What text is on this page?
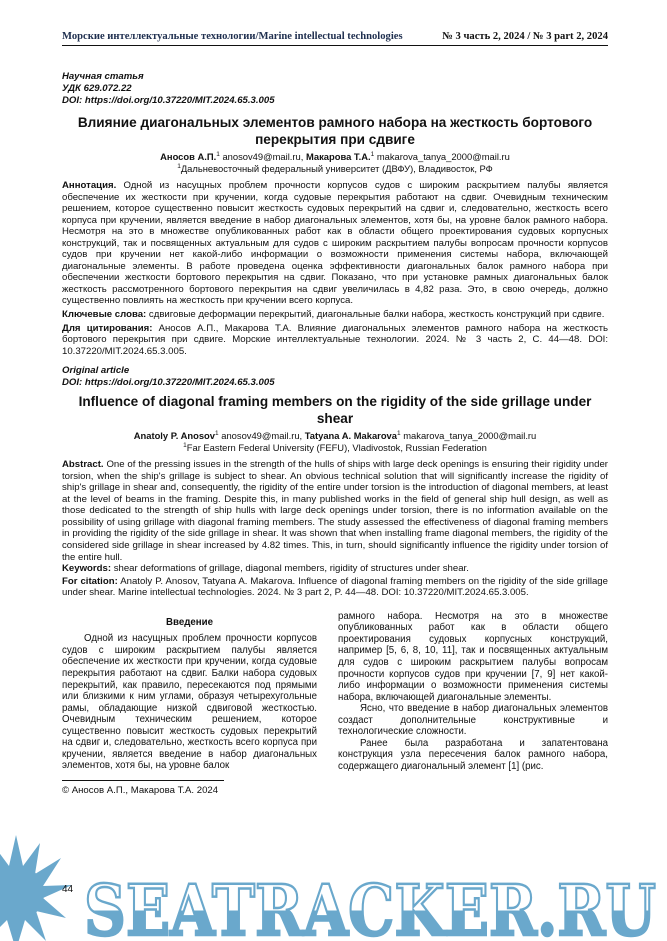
Морские интеллектуальные технологии/Marine intellectual technologies	№ 3 часть 2, 2024 / № 3 part 2, 2024
Научная статья
УДК 629.072.22
DOI: https://doi.org/10.37220/MIT.2024.65.3.005
Влияние диагональных элементов рамного набора на жесткость бортового перекрытия при сдвиге
Аносов А.П.$^1$ anosov49@mail.ru, Макарова Т.А.$^1$ makarova_tanya_2000@mail.ru
$^1$Дальневосточный федеральный университет (ДВФУ), Владивосток, РФ
Аннотация. Одной из насущных проблем прочности корпусов судов с широким раскрытием палубы является обеспечение их жесткости при кручении, когда судовые перекрытия работают на сдвиг. Очевидным техническим решением, которое существенно повысит жесткость судовых перекрытий на сдвиг и, следовательно, жесткость всего корпуса при кручении, является введение в набор диагональных элементов, хотя бы, на уровне балок рамного набора. Несмотря на это в множестве опубликованных работ как в области общего проектирования судовых корпусных конструкций, так и посвященных актуальным для судов с широким раскрытием палубы вопросам прочности корпусов судов при кручении нет какой-либо информации о возможности применения системы набора, включающей диагональные элементы. В работе проведена оценка эффективности диагональных балок рамного набора при обеспечении жесткости бортового перекрытия на сдвиг. Показано, что при установке рамных диагональных балок жесткость рассмотренного бортового перекрытия на сдвиг увеличилась в 4,82 раза. Это, в свою очередь, должно существенно повлиять на жесткость при кручении всего корпуса.
Ключевые слова: сдвиговые деформации перекрытий, диагональные балки набора, жесткость конструкций при сдвиге.
Для цитирования: Аносов А.П., Макарова Т.А. Влияние диагональных элементов рамного набора на жесткость бортового перекрытия при сдвиге. Морские интеллектуальные технологии. 2024. № 3 часть 2, С. 44—48. DOI: 10.37220/MIT.2024.65.3.005.
Original article
DOI: https://doi.org/10.37220/MIT.2024.65.3.005
Influence of diagonal framing members on the rigidity of the side grillage under shear
Anatoly P. Anosov$^1$ anosov49@mail.ru, Tatyana A. Makarova$^1$ makarova_tanya_2000@mail.ru
$^1$Far Eastern Federal University (FEFU), Vladivostok, Russian Federation
Abstract. One of the pressing issues in the strength of the hulls of ships with large deck openings is ensuring their rigidity under torsion, when the ship's grillage is subject to shear. An obvious technical solution that will significantly increase the rigidity of ship's grillage in shear and, consequently, the rigidity of the entire under torsion is the introduction of diagonal members, at least at the level of beams in the framing. Despite this, in many published works in the field of general ship hull design, as well as those dedicated to the strength of ship hulls with large deck openings under torsion, there is no information available on the possibility of using grillage with diagonal framing members. The study assessed the effectiveness of diagonal framing members in providing the rigidity of the side grillage in shear. It was shown that when installing frame diagonal members, the rigidity of the considered side grillage in shear increased by 4.82 times. This, in turn, should significantly influence the rigidity under torsion of the entire hull.
Keywords: shear deformations of grillage, diagonal members, rigidity of structures under shear.
For citation: Anatoly P. Anosov, Tatyana A. Makarova. Influence of diagonal framing members on the rigidity of the side grillage under shear. Marine intellectual technologies. 2024. № 3 part 2, P. 44—48. DOI: 10.37220/MIT.2024.65.3.005.
Введение

Одной из насущных проблем прочности корпусов судов с широким раскрытием палубы является обеспечение их жесткости при кручении, когда судовые перекрытия работают на сдвиг. Балки набора судовых перекрытий, как правило, пересекаются под прямыми или близкими к ним углами, образуя четырехугольные рамы, обладающие низкой сдвиговой жесткостью. Очевидным техническим решением, которое существенно повысит жесткость судовых перекрытий на сдвиг и, следовательно, жесткость всего корпуса при кручении, является введение в набор диагональных элементов, хотя бы, на уровне балок

рамного набора. Несмотря на это в множестве опубликованных работ как в области общего проектирования судовых корпусных конструкций, например [5, 6, 8, 10, 11], так и посвященных актуальным для судов с широким раскрытием палубы вопросам прочности корпусов судов при кручении [7, 9] нет какой-либо информации о возможности применения системы набора, включающей диагональные элементы.

Ясно, что введение в набор диагональных элементов создаст дополнительные конструктивные и технологические сложности.

Ранее была разработана и запатентована конструкция узла пересечения балок рамного набора, содержащего диагональный элемент [1] (рис.

© Аносов А.П., Макарова Т.А. 2024
SEATRACKER.RU
44
